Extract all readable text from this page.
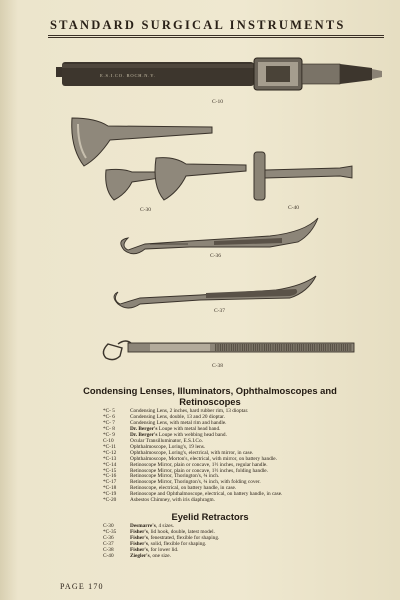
STANDARD SURGICAL INSTRUMENTS
E.S.I.CO. ROCH.N.Y.
C-10
C-30	C-40
C-36
C-37
C-38
Condensing Lenses, Illuminators, Ophthalmoscopes and Retinoscopes
*C- 5	Condensing Lens, 2 inches, hard rubber rim, 13 dioptar.
*C- 6	Condensing Lens, double, 13 and 20 dioptar.
*C- 7	Condensing Lens, with metal rim and handle.
*C- 8	Dr. Berger's Loupe with metal head band.
*C- 9	Dr. Berger's Loupe with webbing head band.
C-10	Ocular Transilluminator, E.S.I.Co.
*C-11	Ophthalmoscope, Loring's, 19 lens.
*C-12	Ophthalmoscope, Loring's, electrical, with mirror, in case.
*C-13	Ophthalmoscope, Morton's, electrical, with mirror, on battery handle.
*C-14	Retinoscope Mirror, plain or concave, 1½ inches, regular handle.
*C-15	Retinoscope Mirror, plain or concave, 1½ inches, folding handle.
*C-16	Retinoscope Mirror, Thorington's, ¾ inch.
*C-17	Retinoscope Mirror, Thorington's, ¾ inch, with folding cover.
*C-18	Retinoscope, electrical, on battery handle, in case.
*C-19	Retinoscope and Ophthalmoscope, electrical, on battery handle, in case.
*C-20	Asbestos Chimney, with iris diaphragm.
Eyelid Retractors
C-30	Desmarre's, 4 sizes.
*C-35	Fisher's, lid hook, double, latest model.
C-36	Fisher's, fenestrated, flexible for shaping.
C-37	Fisher's, solid, flexible for shaping.
C-38	Fisher's, for lower lid.
C-40	Ziegler's, one size.
PAGE 170
